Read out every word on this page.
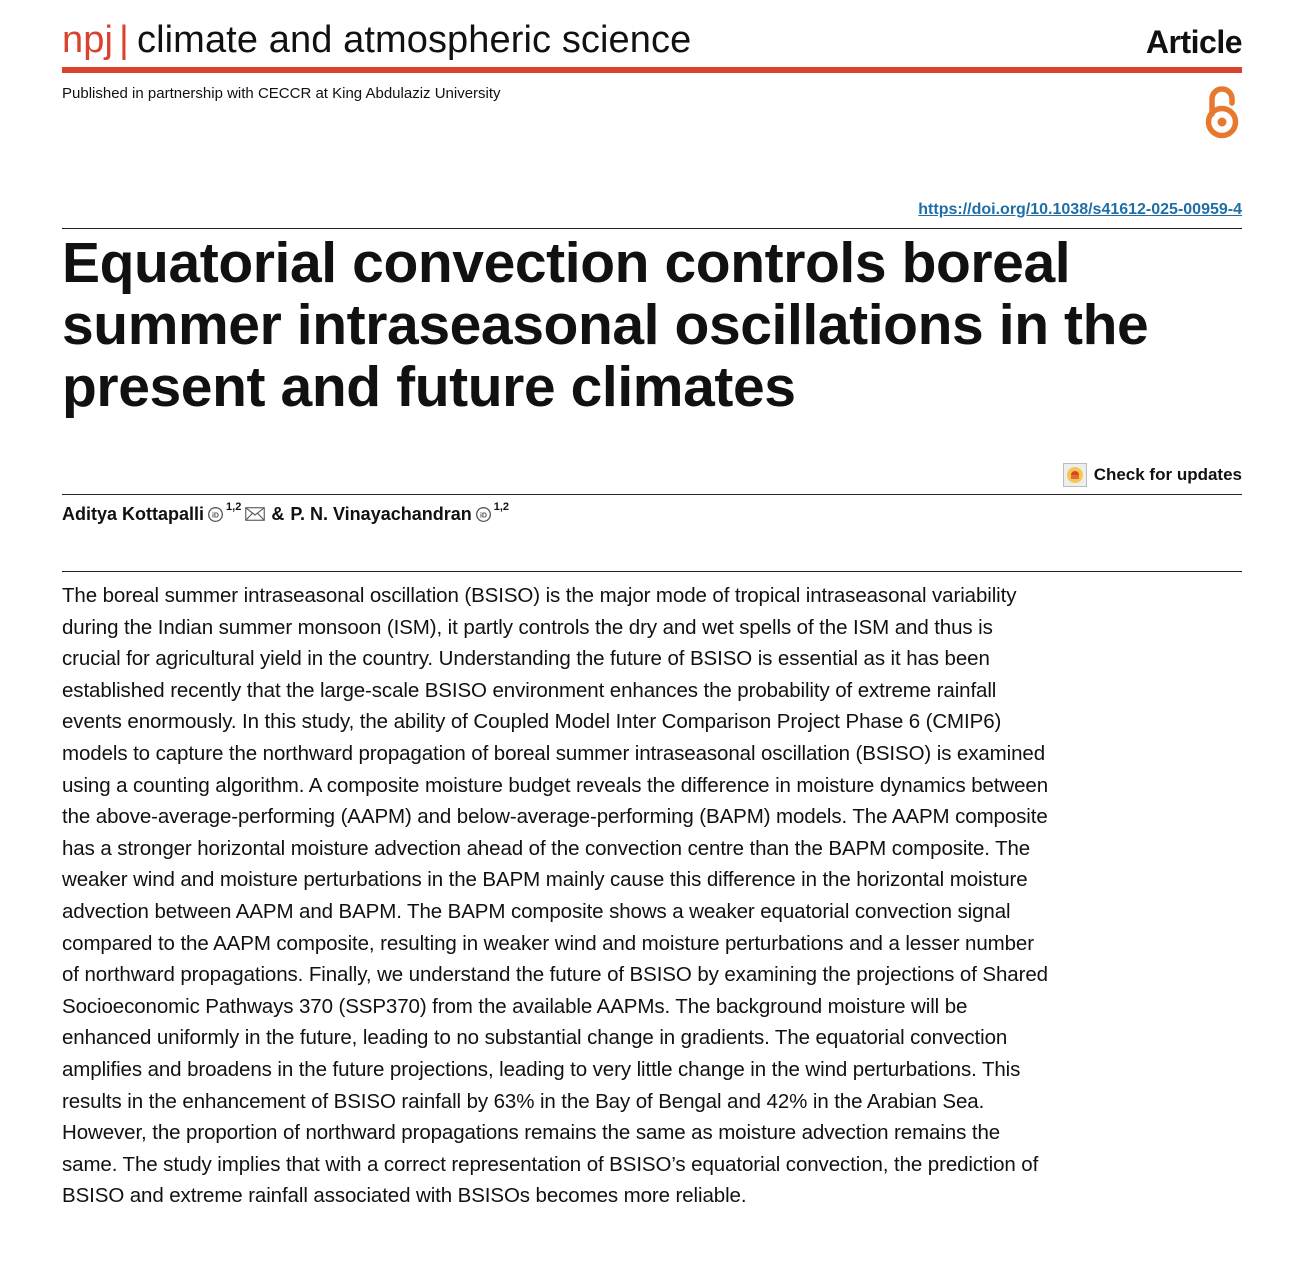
npj | climate and atmospheric science	Article
Published in partnership with CECCR at King Abdulaziz University
https://doi.org/10.1038/s41612-025-00959-4
Equatorial convection controls boreal summer intraseasonal oscillations in the present and future climates
Check for updates
Aditya Kottapalli iD
1,2 & P. N. Vinayachandran iD
1,2

The boreal summer intraseasonal oscillation (BSISO) is the major mode of tropical intraseasonal variability during the Indian summer monsoon (ISM), it partly controls the dry and wet spells of the ISM and thus is crucial for agricultural yield in the country. Understanding the future of BSISO is essential as it has been established recently that the large-scale BSISO environment enhances the probability of extreme rainfall events enormously. In this study, the ability of Coupled Model Inter Comparison Project Phase 6 (CMIP6) models to capture the northward propagation of boreal summer intraseasonal oscillation (BSISO) is examined using a counting algorithm. A composite moisture budget reveals the difference in moisture dynamics between the above-average-performing (AAPM) and below-average-performing (BAPM) models. The AAPM composite has a stronger horizontal moisture advection ahead of the convection centre than the BAPM composite. The weaker wind and moisture perturbations in the BAPM mainly cause this difference in the horizontal moisture advection between AAPM and BAPM. The BAPM composite shows a weaker equatorial convection signal compared to the AAPM composite, resulting in weaker wind and moisture perturbations and a lesser number of northward propagations. Finally, we understand the future of BSISO by examining the projections of Shared Socioeconomic Pathways 370 (SSP370) from the available AAPMs. The background moisture will be enhanced uniformly in the future, leading to no substantial change in gradients. The equatorial convection amplifies and broadens in the future projections, leading to very little change in the wind perturbations. This results in the enhancement of BSISO rainfall by 63% in the Bay of Bengal and 42% in the Arabian Sea. However, the proportion of northward propagations remains the same as moisture advection remains the same. The study implies that with a correct representation of BSISO’s equatorial convection, the prediction of BSISO and extreme rainfall associated with BSISOs becomes more reliable.
